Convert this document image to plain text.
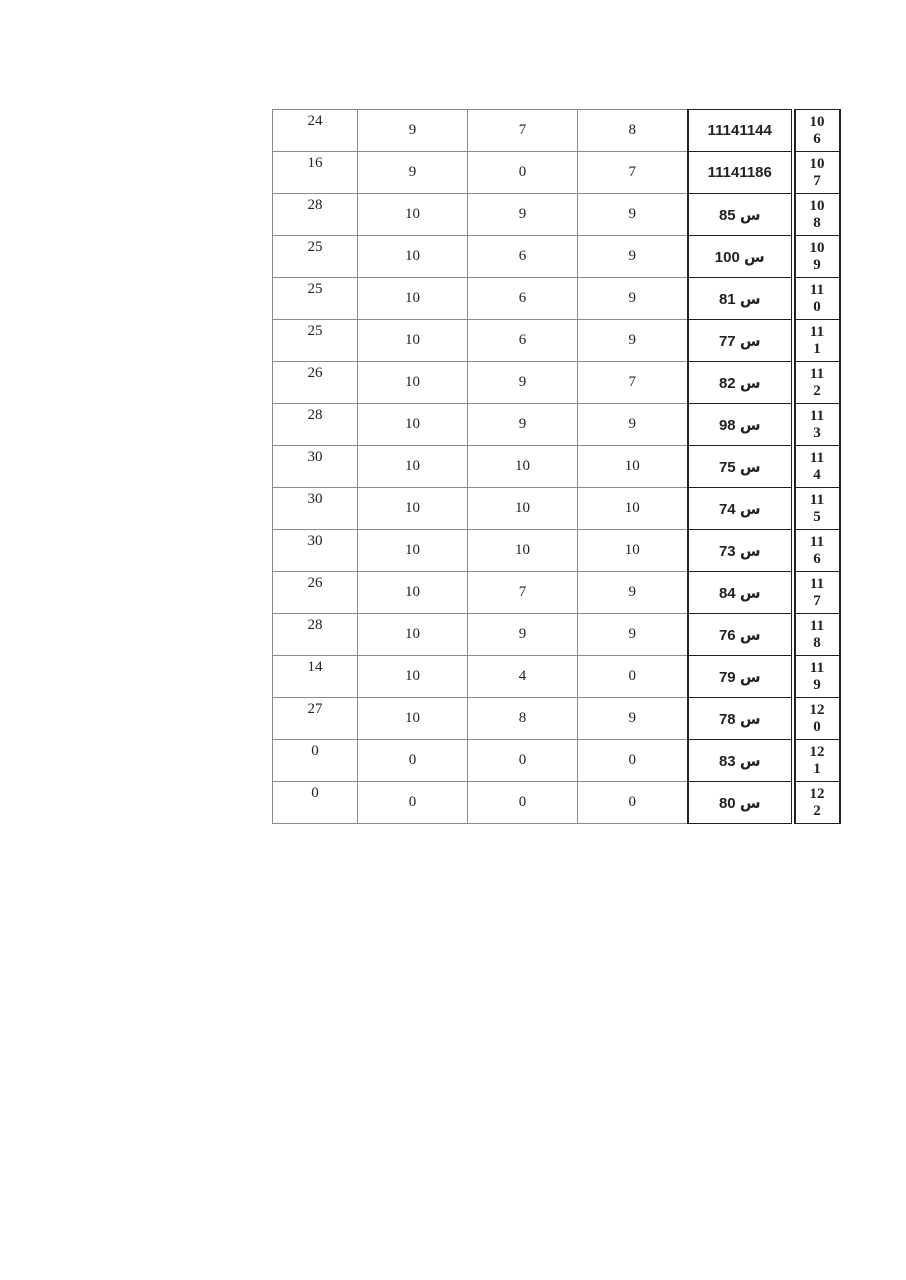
24	9	7	8	11141144		106
16	9	0	7	11141186		107
28	10	9	9	س 85		108
25	10	6	9	س 100		109
25	10	6	9	س 81		110
25	10	6	9	س 77		111
26	10	9	7	س 82		112
28	10	9	9	س 98		113
30	10	10	10	س 75		114
30	10	10	10	س 74		115
30	10	10	10	س 73		116
26	10	7	9	س 84		117
28	10	9	9	س 76		118
14	10	4	0	س 79		119
27	10	8	9	س 78		120
0	0	0	0	س 83		121
0	0	0	0	س 80		122
